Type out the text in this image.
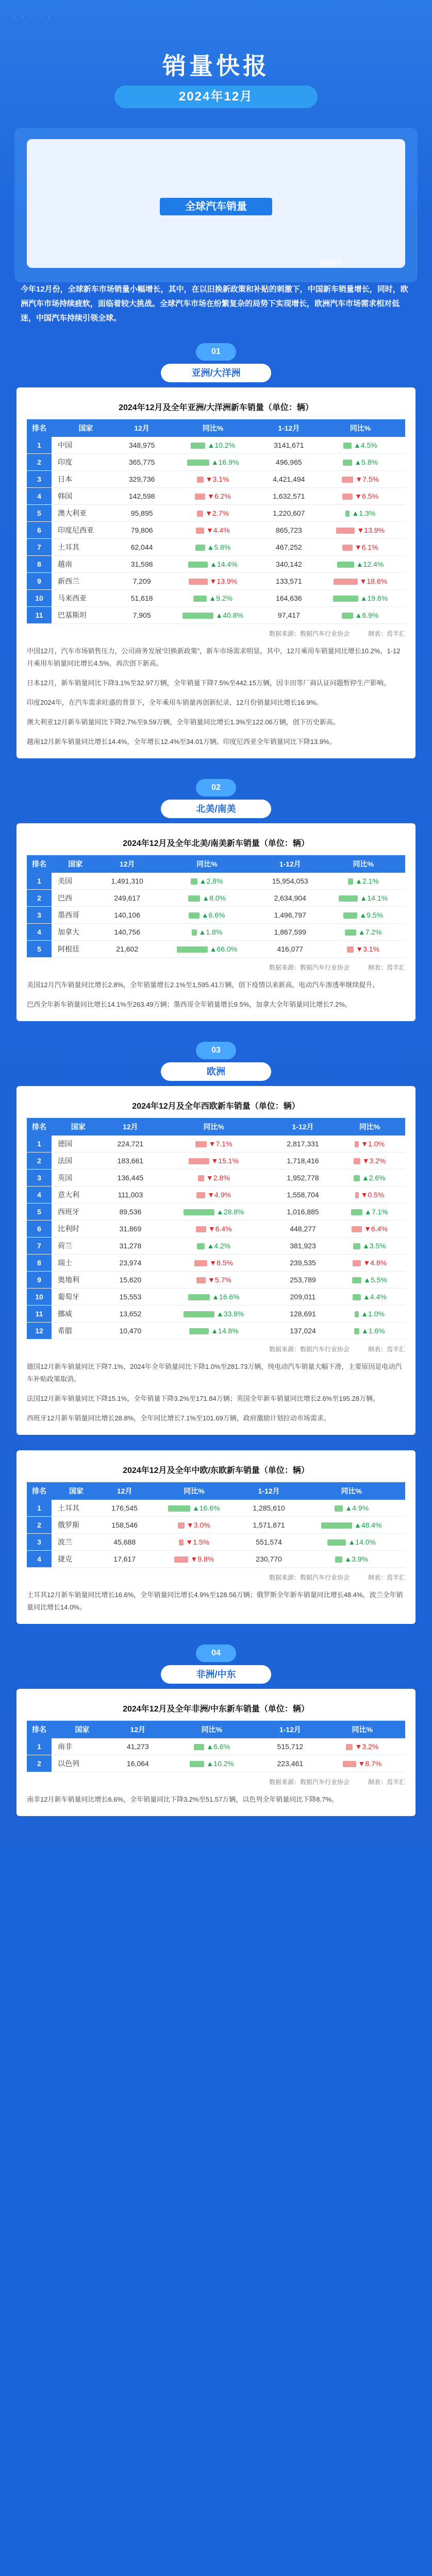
· · · · ·
销量快报
2024年12月
全球汽车销量
NEWS
今年12月份，全球新车市场销量小幅增长，其中，在以旧换新政策和补贴的刺激下，中国新车销量增长，同时，欧洲汽车市场持续疲软，面临着较大挑战。全球汽车市场在纷繁复杂的局势下实现增长，欧洲汽车市场需求相对低迷，中国汽车持续引领全球。
01
亚洲/大洋洲
2024年12月及全年亚洲/大洋洲新车销量（单位：辆）
排名	国家	12月	同比%	1-12月	同比%
1	中国	348,975	▲10.2%	3141,671	▲4.5%
2	印度	365,775	▲16.9%	496,965	▲5.8%
3	日本	329,736	▼3.1%	4,421,494	▼7.5%
4	韩国	142,598	▼6.2%	1,632,571	▼6.5%
5	澳大利亚	95,895	▼2.7%	1,220,607	▲1.3%
6	印度尼西亚	79,806	▼4.4%	865,723	▼13.9%
7	土耳其	62,044	▲5.8%	467,252	▼6.1%
8	越南	31,598	▲14.4%	340,142	▲12.4%
9	新西兰	7,209	▼13.9%	133,571	▼18.6%
10	马来西亚	51,618	▲9.2%	164,636	▲19.6%
11	巴基斯坦	7,905	▲40.8%	97,417	▲6.9%
数据来源：数据汽车行业协会　　　制表：焉羊汇
中国12月，汽车市场销售压力，公司商务发展“旧换新政策”，新车市场需求明显，其中，12月乘用车销量同比增长10.2%，1-12月乘用车销量同比增长4.5%，再次创下新高。
日本12月，新车销量同比下降3.1%至32.97万辆，全年销量下降7.5%至442.15万辆，因丰田等厂商认证问题暂停生产影响。
印度2024年，在汽车需求旺盛的背景下，全年乘用车销量再创新纪录，12月份销量同比增长16.9%。
澳大利亚12月新车销量同比下降2.7%至9.59万辆，全年销量同比增长1.3%至122.06万辆，创下历史新高。
越南12月新车销量同比增长14.4%，全年增长12.4%至34.01万辆。印度尼西亚全年销量同比下降13.9%。
02
北美/南美
2024年12月及全年北美/南美新车销量（单位：辆）
排名	国家	12月	同比%	1-12月	同比%
1	美国	1,491,310	▲2.8%	15,954,053	▲2.1%
2	巴西	249,617	▲8.0%	2,634,904	▲14.1%
3	墨西哥	140,106	▲6.6%	1,496,797	▲9.5%
4	加拿大	140,756	▲1.8%	1,867,599	▲7.2%
5	阿根廷	21,602	▲66.0%	416,077	▼3.1%
数据来源：数据汽车行业协会　　　制表：焉羊汇
美国12月汽车销量同比增长2.8%，全年销量增长2.1%至1,595.41万辆，创下疫情以来新高，电动汽车渗透率继续提升。
巴西全年新车销量同比增长14.1%至263.49万辆；墨西哥全年销量增长9.5%，加拿大全年销量同比增长7.2%。
03
欧洲
2024年12月及全年西欧新车销量（单位：辆）
排名	国家	12月	同比%	1-12月	同比%
1	德国	224,721	▼7.1%	2,817,331	▼1.0%
2	法国	183,661	▼15.1%	1,718,416	▼3.2%
3	英国	136,445	▼2.8%	1,952,778	▲2.6%
4	意大利	111,003	▼4.9%	1,558,704	▼0.5%
5	西班牙	89,536	▲28.8%	1,016,885	▲7.1%
6	比利时	31,869	▼6.4%	448,277	▼6.4%
7	荷兰	31,278	▲4.2%	381,923	▲3.5%
8	瑞士	23,974	▼8.5%	239,535	▼4.8%
9	奥地利	15,620	▼5.7%	253,789	▲5.5%
10	葡萄牙	15,553	▲16.6%	209,011	▲4.4%
11	挪威	13,652	▲33.8%	128,691	▲1.0%
12	希腊	10,470	▲14.8%	137,024	▲1.6%
数据来源：数据汽车行业协会　　　制表：焉羊汇
德国12月新车销量同比下降7.1%，2024年全年销量同比下降1.0%至281.73万辆，纯电动汽车销量大幅下滑，主要原因是电动汽车补贴政策取消。
法国12月新车销量同比下降15.1%，全年销量下降3.2%至171.84万辆；英国全年新车销量同比增长2.6%至195.28万辆。
西班牙12月新车销量同比增长28.8%，全年同比增长7.1%至101.69万辆，政府激励计划拉动市场需求。
2024年12月及全年中欧/东欧新车销量（单位：辆）
排名	国家	12月	同比%	1-12月	同比%
1	土耳其	176,545	▲16.6%	1,285,610	▲4.9%
2	俄罗斯	158,546	▼3.0%	1,571,871	▲48.4%
3	波兰	45,688	▼1.5%	551,574	▲14.0%
4	捷克	17,617	▼9.8%	230,770	▲3.9%
数据来源：数据汽车行业协会　　　制表：焉羊汇
土耳其12月新车销量同比增长16.6%，全年销量同比增长4.9%至128.56万辆；俄罗斯全年新车销量同比增长48.4%，波兰全年销量同比增长14.0%。
04
非洲/中东
2024年12月及全年非洲/中东新车销量（单位：辆）
排名	国家	12月	同比%	1-12月	同比%
1	南非	41,273	▲6.6%	515,712	▼3.2%
2	以色列	16,064	▲10.2%	223,461	▼8.7%
数据来源：数据汽车行业协会　　　制表：焉羊汇
南非12月新车销量同比增长6.6%，全年销量同比下降3.2%至51.57万辆，以色列全年销量同比下降8.7%。
